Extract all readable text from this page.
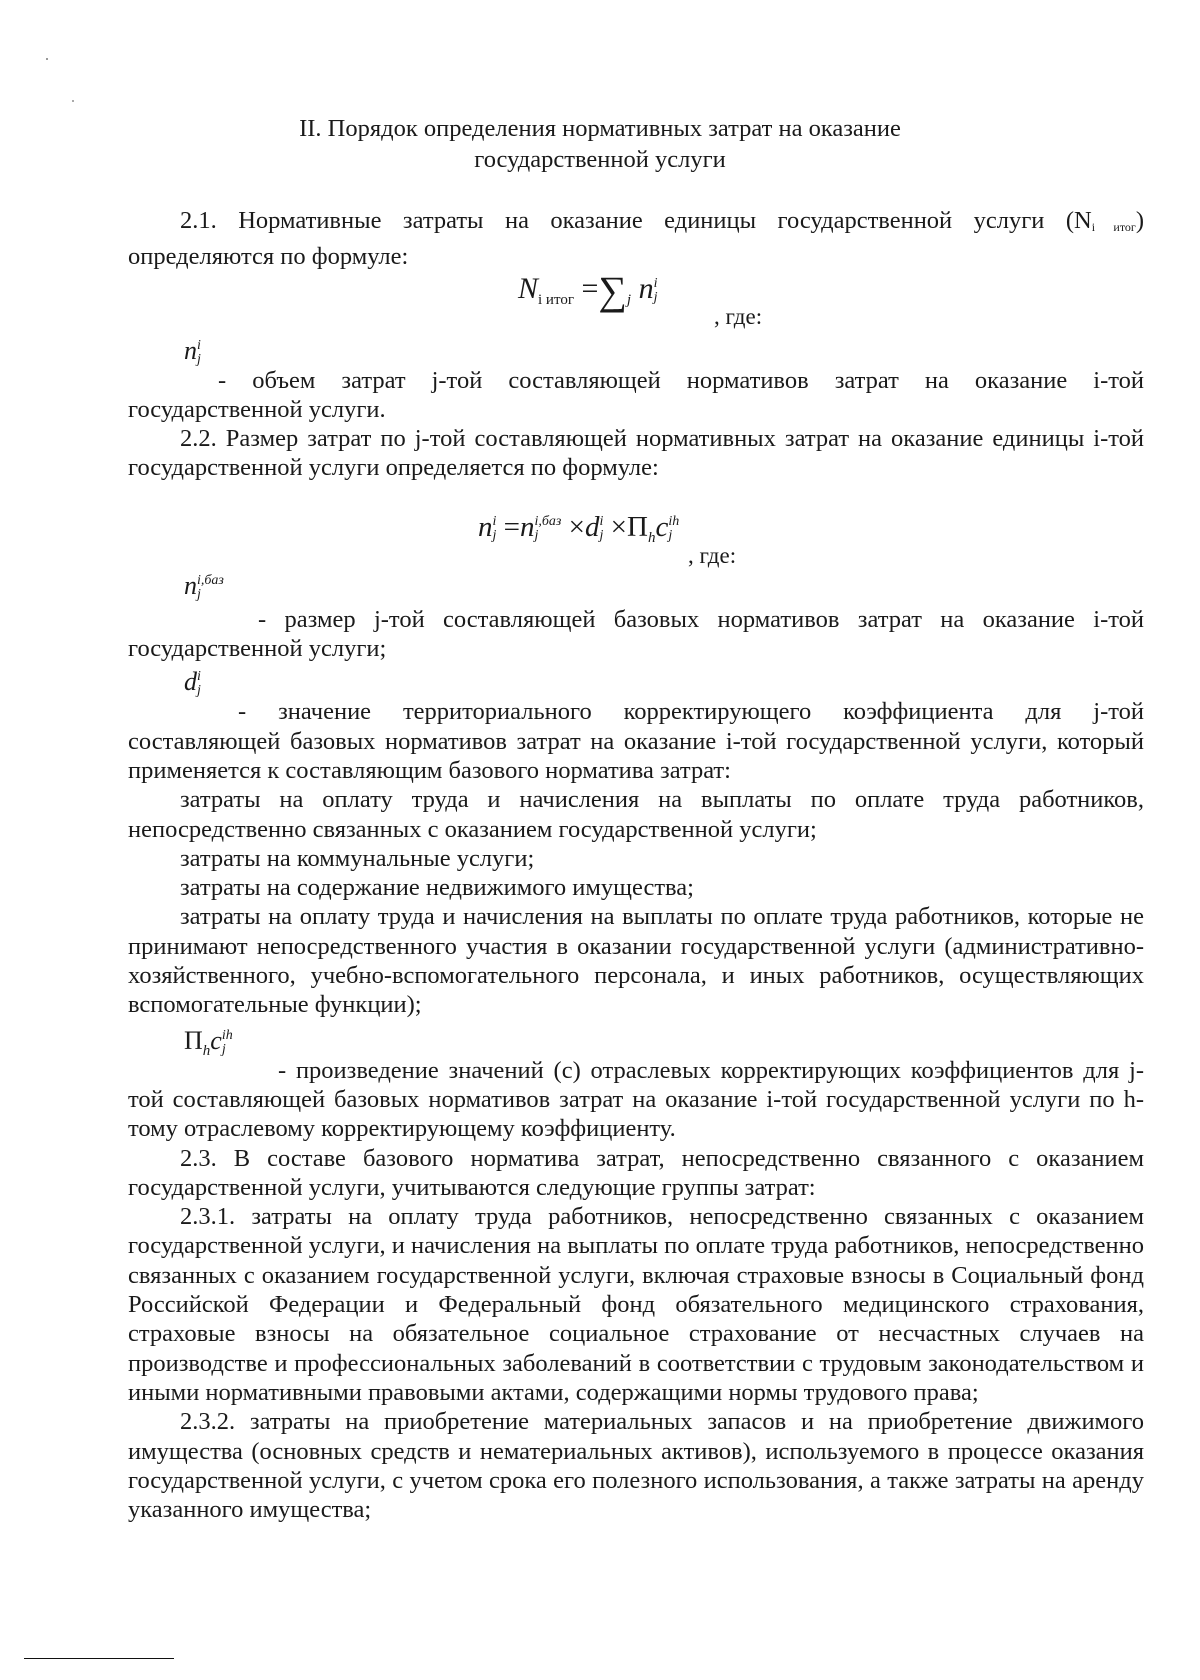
II. Порядок определения нормативных затрат на оказание
государственной услуги

2.1. Нормативные затраты на оказание единицы государственной услуги $(N_{i итог})$ определяются по формуле:

$N_{i итог} =\sum_j$ n i
j
, где:
n i
j

- объем затрат j-той составляющей нормативов затрат на оказание i-той государственной услуги.

2.2. Размер затрат по j-той составляющей нормативных затрат на оказание единицы i-той государственной услуги определяется по формуле:

n i
j =n i,баз
j	×d i
$j \times\Pi_hc$ ih
j
, где:
n i,баз
j

- размер j-той составляющей базовых нормативов затрат на оказание i-той государственной услуги;

d i
j

- значение территориального корректирующего коэффициента для j-той составляющей базовых нормативов затрат на оказание i-той государственной услуги, который применяется к составляющим базового норматива затрат:

затраты на оплату труда и начисления на выплаты по оплате труда работников, непосредственно связанных с оказанием государственной услуги;

затраты на коммунальные услуги;

затраты на содержание недвижимого имущества;

затраты на оплату труда и начисления на выплаты по оплате труда работников, которые не принимают непосредственного участия в оказании государственной услуги (административно-хозяйственного, учебно-вспомогательного персонала, и иных работников, осуществляющих вспомогательные функции);

$\Pi_hc$ ih
j

- произведение значений (с) отраслевых корректирующих коэффициентов для j-той составляющей базовых нормативов затрат на оказание i-той государственной услуги по h-тому отраслевому корректирующему коэффициенту.

2.3. В составе базового норматива затрат, непосредственно связанного с оказанием государственной услуги, учитываются следующие группы затрат:

2.3.1. затраты на оплату труда работников, непосредственно связанных с оказанием государственной услуги, и начисления на выплаты по оплате труда работников, непосредственно связанных с оказанием государственной услуги, включая страховые взносы в Социальный фонд Российской Федерации и Федеральный фонд обязательного медицинского страхования, страховые взносы на обязательное социальное страхование от несчастных случаев на производстве и профессиональных заболеваний в соответствии с трудовым законодательством и иными нормативными правовыми актами, содержащими нормы трудового права;

2.3.2. затраты на приобретение материальных запасов и на приобретение движимого имущества (основных средств и нематериальных активов), используемого в процессе оказания государственной услуги, с учетом срока его полезного использования, а также затраты на аренду указанного имущества;
